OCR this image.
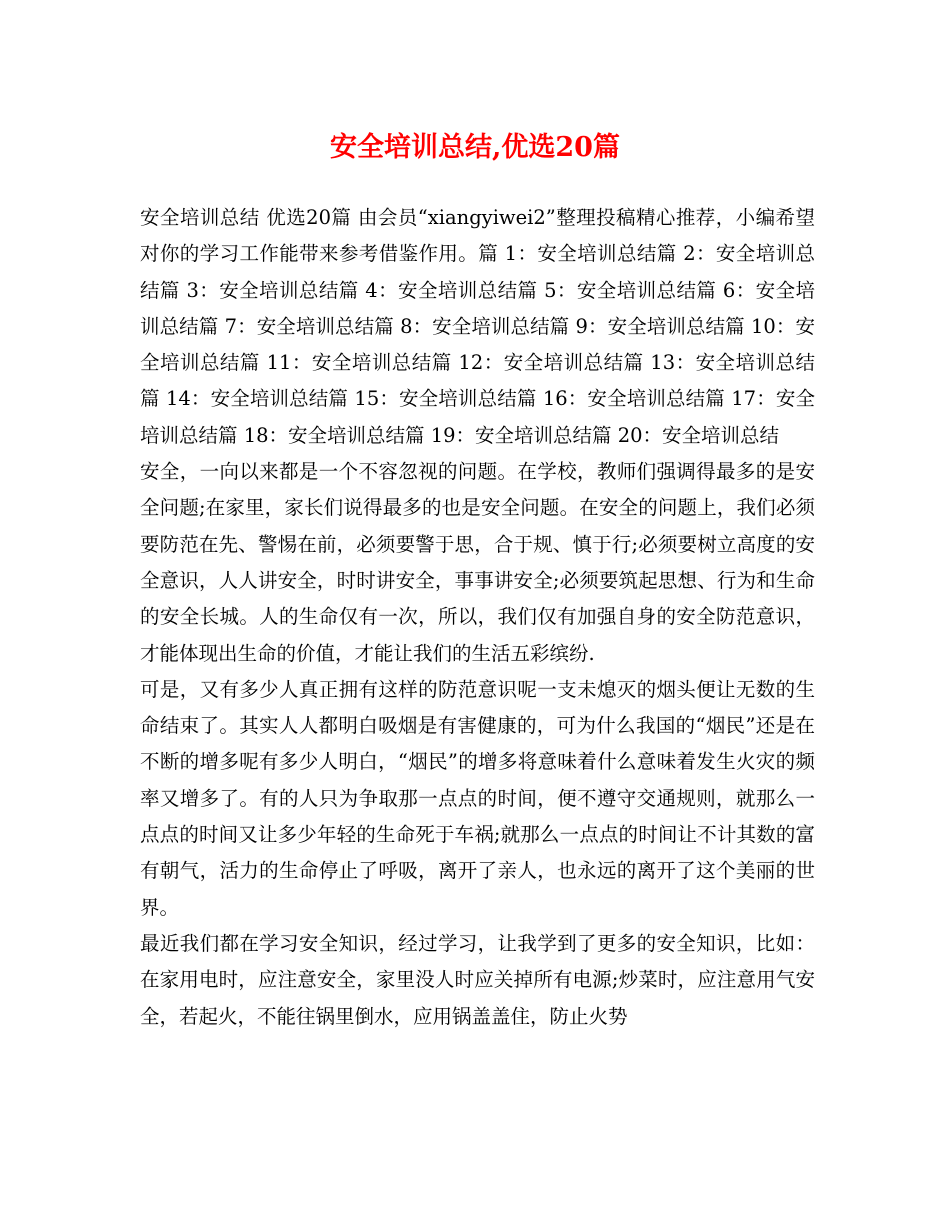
安全培训总结,优选20篇

安全培训总结 优选20篇 由会员“xiangyiwei2”整理投稿精心推荐，小编希望对你的学习工作能带来参考借鉴作用。篇 1：安全培训总结篇 2：安全培训总结篇 3：安全培训总结篇 4：安全培训总结篇 5：安全培训总结篇 6：安全培训总结篇 7：安全培训总结篇 8：安全培训总结篇 9：安全培训总结篇 10：安全培训总结篇 11：安全培训总结篇 12：安全培训总结篇 13：安全培训总结篇 14：安全培训总结篇 15：安全培训总结篇 16：安全培训总结篇 17：安全培训总结篇 18：安全培训总结篇 19：安全培训总结篇 20：安全培训总结

安全，一向以来都是一个不容忽视的问题。在学校，教师们强调得最多的是安全问题;在家里，家长们说得最多的也是安全问题。在安全的问题上，我们必须要防范在先、警惕在前，必须要警于思，合于规、慎于行;必须要树立高度的安全意识，人人讲安全，时时讲安全，事事讲安全;必须要筑起思想、行为和生命的安全长城。人的生命仅有一次，所以，我们仅有加强自身的安全防范意识，才能体现出生命的价值，才能让我们的生活五彩缤纷.

可是，又有多少人真正拥有这样的防范意识呢一支未熄灭的烟头便让无数的生命结束了。其实人人都明白吸烟是有害健康的，可为什么我国的“烟民”还是在不断的增多呢有多少人明白，“烟民”的增多将意味着什么意味着发生火灾的频率又增多了。有的人只为争取那一点点的时间，便不遵守交通规则，就那么一点点的时间又让多少年轻的生命死于车祸;就那么一点点的时间让不计其数的富有朝气，活力的生命停止了呼吸，离开了亲人，也永远的离开了这个美丽的世界。

最近我们都在学习安全知识，经过学习，让我学到了更多的安全知识，比如：在家用电时，应注意安全，家里没人时应关掉所有电源;炒菜时，应注意用气安全，若起火，不能往锅里倒水，应用锅盖盖住，防止火势
